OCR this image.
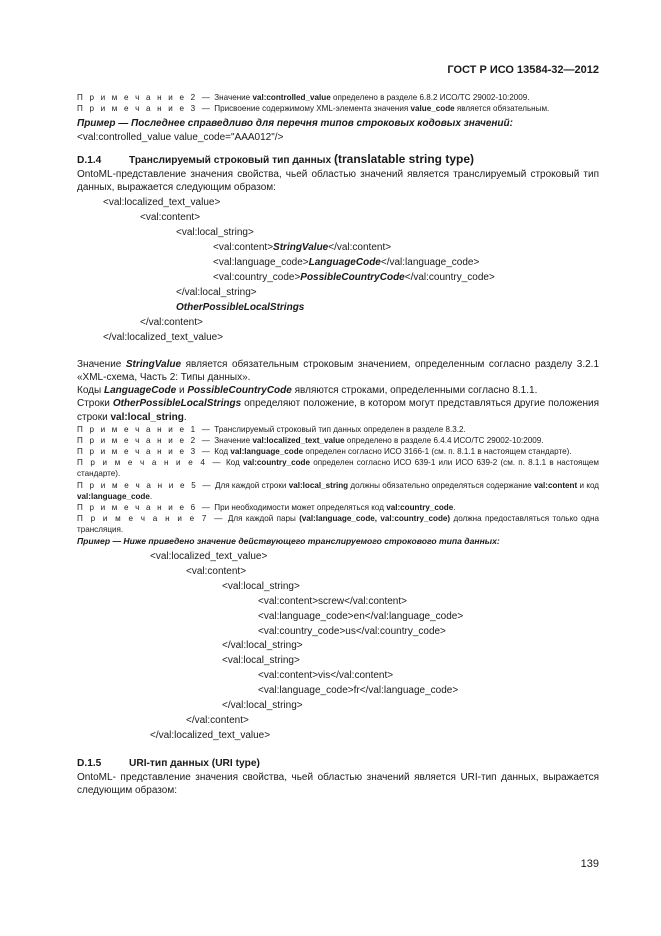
ГОСТ Р ИСО 13584-32—2012

П р и м е ч а н и е 2 — Значение val:controlled_value определено в разделе 6.8.2 ИСО/ТС 29002-10:2009.

П р и м е ч а н и е 3 — Присвоение содержимому XML-элемента значения value_code является обязательным.

Пример — Последнее справедливо для перечня типов строковых кодовых значений:

<val:controlled_value value_code="AAA012"/>

D.1.4	Транслируемый строковый тип данных (translatable string type)

OntoML-представление значения свойства, чьей областью значений является транслируемый строковый тип данных, выражается следующим образом:

<val:localized_text_value>
<val:content>
<val:local_string>
<val:content>StringValue</val:content>
<val:language_code>LanguageCode</val:language_code>
<val:country_code>PossibleCountryCode</val:country_code>
</val:local_string>
OtherPossibleLocalStrings
</val:content>
</val:localized_text_value>

Значение StringValue является обязательным строковым значением, определенным согласно разделу 3.2.1 «XML-схема, Часть 2: Типы данных».

Коды LanguageCode и PossibleCountryCode являются строками, определенными согласно 8.1.1.

Строки OtherPossibleLocalStrings определяют положение, в котором могут представляться другие положения строки val:local_string.

П р и м е ч а н и е 1 — Транслируемый строковый тип данных определен в разделе 8.3.2.

П р и м е ч а н и е 2 — Значение val:localized_text_value определено в разделе 6.4.4 ИСО/ТС 29002-10:2009.

П р и м е ч а н и е 3 — Код val:language_code определен согласно ИСО 3166-1 (см. п. 8.1.1 в настоящем стандарте).

П р и м е ч а н и е 4 — Код val:country_code определен согласно ИСО 639-1 или ИСО 639-2 (см. п. 8.1.1 в настоящем стандарте).

П р и м е ч а н и е 5 — Для каждой строки val:local_string должны обязательно определяться содержание val:content и код val:language_code.

П р и м е ч а н и е 6 — При необходимости может определяться код val:country_code.

П р и м е ч а н и е 7 — Для каждой пары (val:language_code, val:country_code) должна предоставляться только одна трансляция.

Пример — Ниже приведено значение действующего транслируемого строкового типа данных:

<val:localized_text_value>
<val:content>
<val:local_string>
<val:content>screw</val:content>
<val:language_code>en</val:language_code>
<val:country_code>us</val:country_code>
</val:local_string>
<val:local_string>
<val:content>vis</val:content>
<val:language_code>fr</val:language_code>
</val:local_string>
</val:content>
</val:localized_text_value>

D.1.5	URI-тип данных (URI type)

OntoML- представление значения свойства, чьей областью значений является URI-тип данных, выражается следующим образом:

139
